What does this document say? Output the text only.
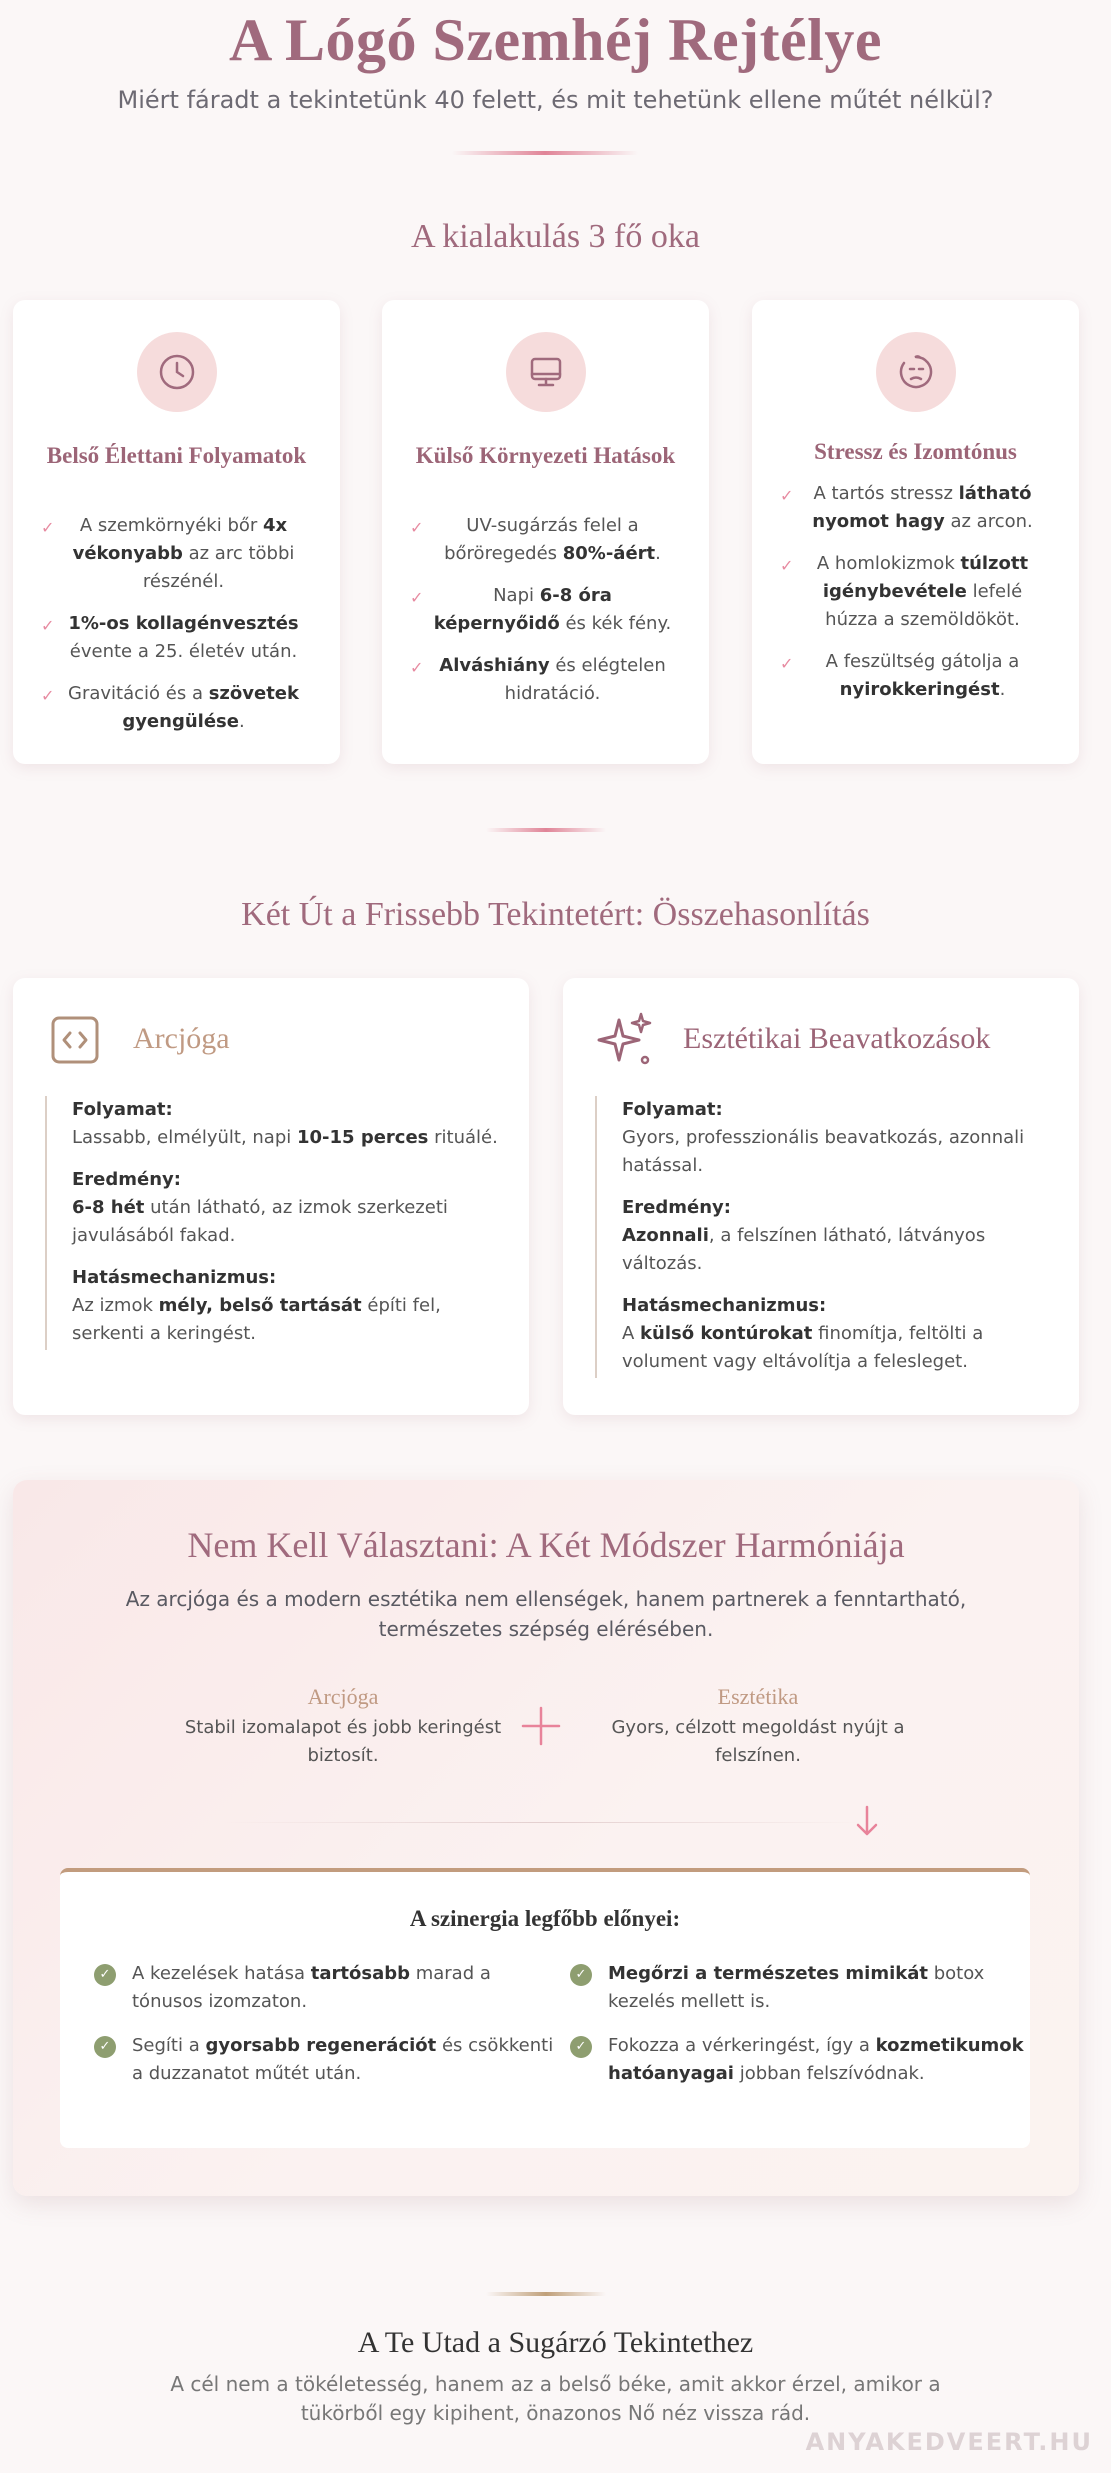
A Lógó Szemhéj Rejtélye
Miért fáradt a tekintetünk 40 felett, és mit tehetünk ellene műtét nélkül?
A kialakulás 3 fő oka
Belső Élettani Folyamatok
✓ A szemkörnyéki bőr 4x vékonyabb az arc többi részénél.
✓ 1%-os kollagénvesztés évente a 25. életév után.
✓ Gravitáció és a szövetek gyengülése.
Külső Környezeti Hatások
✓ UV-sugárzás felel a bőröregedés 80%-áért.
✓	Napi 6-8 óra képernyőidő és kék fény.
✓ Alváshiány és elégtelen hidratáció.
Stressz és Izomtónus
✓ A tartós stressz látható nyomot hagy az arcon.
✓ A homlokizmok túlzott igénybevétele lefelé húzza a szemöldököt.
✓ A feszültség gátolja a nyirokkeringést.
Két Út a Frissebb Tekintetért: Összehasonlítás
Arcjóga
Folyamat:
Lassabb, elmélyült, napi 10-15 perces rituálé.
Eredmény:
6-8 hét után látható, az izmok szerkezeti javulásából fakad.
Hatásmechanizmus:
Az izmok mély, belső tartását építi fel, serkenti a keringést.
Esztétikai Beavatkozások
Folyamat:
Gyors, professzionális beavatkozás, azonnali hatással.
Eredmény:
Azonnali, a felszínen látható, látványos változás.
Hatásmechanizmus:
A külső kontúrokat finomítja, feltölti a volument vagy eltávolítja a felesleget.
Nem Kell Választani: A Két Módszer Harmóniája
Az arcjóga és a modern esztétika nem ellenségek, hanem partnerek a fenntartható, természetes szépség elérésében.
Arcjóga
Stabil izomalapot és jobb keringést biztosít.
Esztétika
Gyors, célzott megoldást nyújt a felszínen.
A szinergia legfőbb előnyei:
✓	A kezelések hatása tartósabb marad a tónusos izomzaton.
✓	Megőrzi a természetes mimikát botox kezelés mellett is.
✓	Segíti a gyorsabb regenerációt és csökkenti a duzzanatot műtét után.
✓	Fokozza a vérkeringést, így a kozmetikumok hatóanyagai jobban felszívódnak.
A Te Utad a Sugárzó Tekintethez
A cél nem a tökéletesség, hanem az a belső béke, amit akkor érzel, amikor a tükörből egy kipihent, önazonos Nő néz vissza rád.
ANYAKEDVEERT.HU
